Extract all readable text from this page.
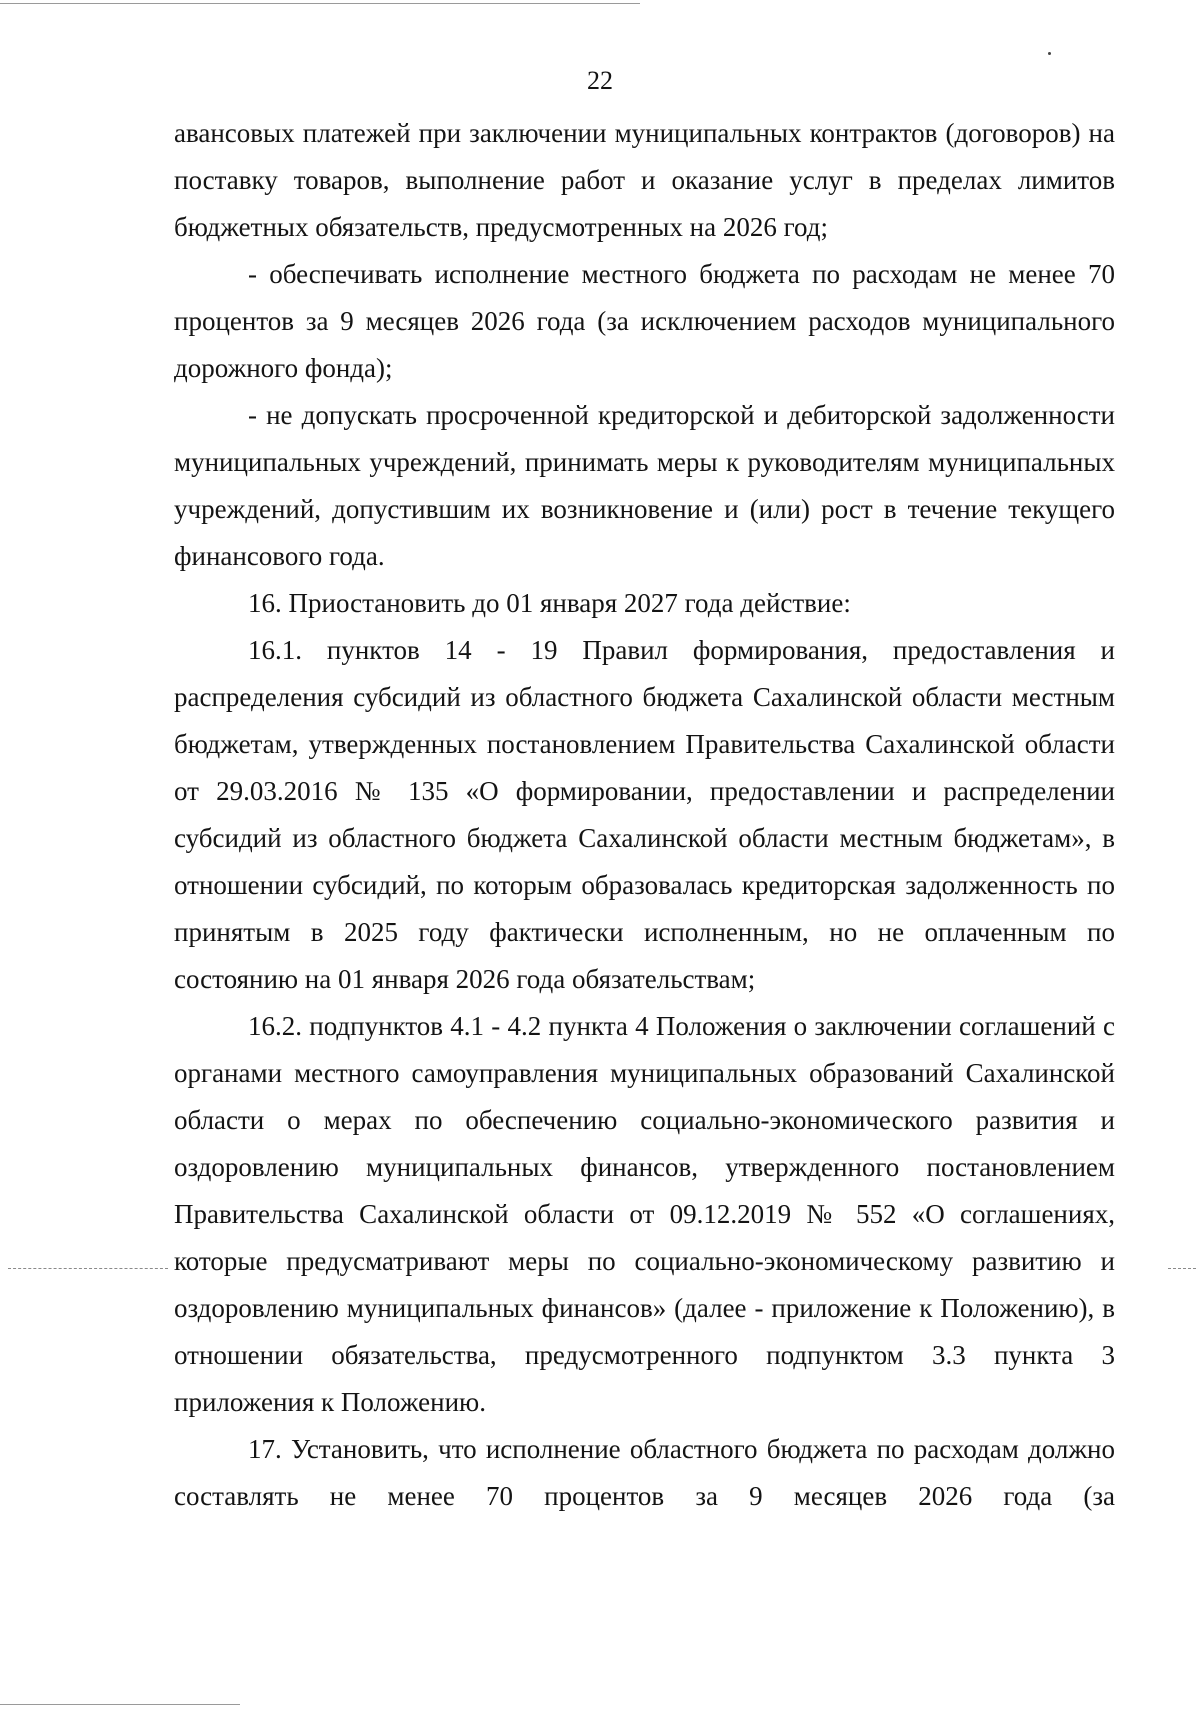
22

авансовых платежей при заключении муниципальных контрактов (договоров) на поставку товаров, выполнение работ и оказание услуг в пределах лимитов бюджетных обязательств, предусмотренных на 2026 год;

- обеспечивать исполнение местного бюджета по расходам не менее 70 процентов за 9 месяцев 2026 года (за исключением расходов муниципального дорожного фонда);

- не допускать просроченной кредиторской и дебиторской задолженности муниципальных учреждений, принимать меры к руководителям муниципальных учреждений, допустившим их возникновение и (или) рост в течение текущего финансового года.

16. Приостановить до 01 января 2027 года действие:

16.1. пунктов 14 - 19 Правил формирования, предоставления и распределения субсидий из областного бюджета Сахалинской области местным бюджетам, утвержденных постановлением Правительства Сахалинской области от 29.03.2016 № 135 «О формировании, предоставлении и распределении субсидий из областного бюджета Сахалинской области местным бюджетам», в отношении субсидий, по которым образовалась кредиторская задолженность по принятым в 2025 году фактически исполненным, но не оплаченным по состоянию на 01 января 2026 года обязательствам;

16.2. подпунктов 4.1 - 4.2 пункта 4 Положения о заключении соглашений с органами местного самоуправления муниципальных образований Сахалинской области о мерах по обеспечению социально-экономического развития и оздоровлению муниципальных финансов, утвержденного постановлением Правительства Сахалинской области от 09.12.2019 № 552 «О соглашениях, которые предусматривают меры по социально-экономическому развитию и оздоровлению муниципальных финансов» (далее - приложение к Положению), в отношении обязательства, предусмотренного подпунктом 3.3 пункта 3 приложения к Положению.

17. Установить, что исполнение областного бюджета по расходам должно составлять не менее 70 процентов за 9 месяцев 2026 года (за
